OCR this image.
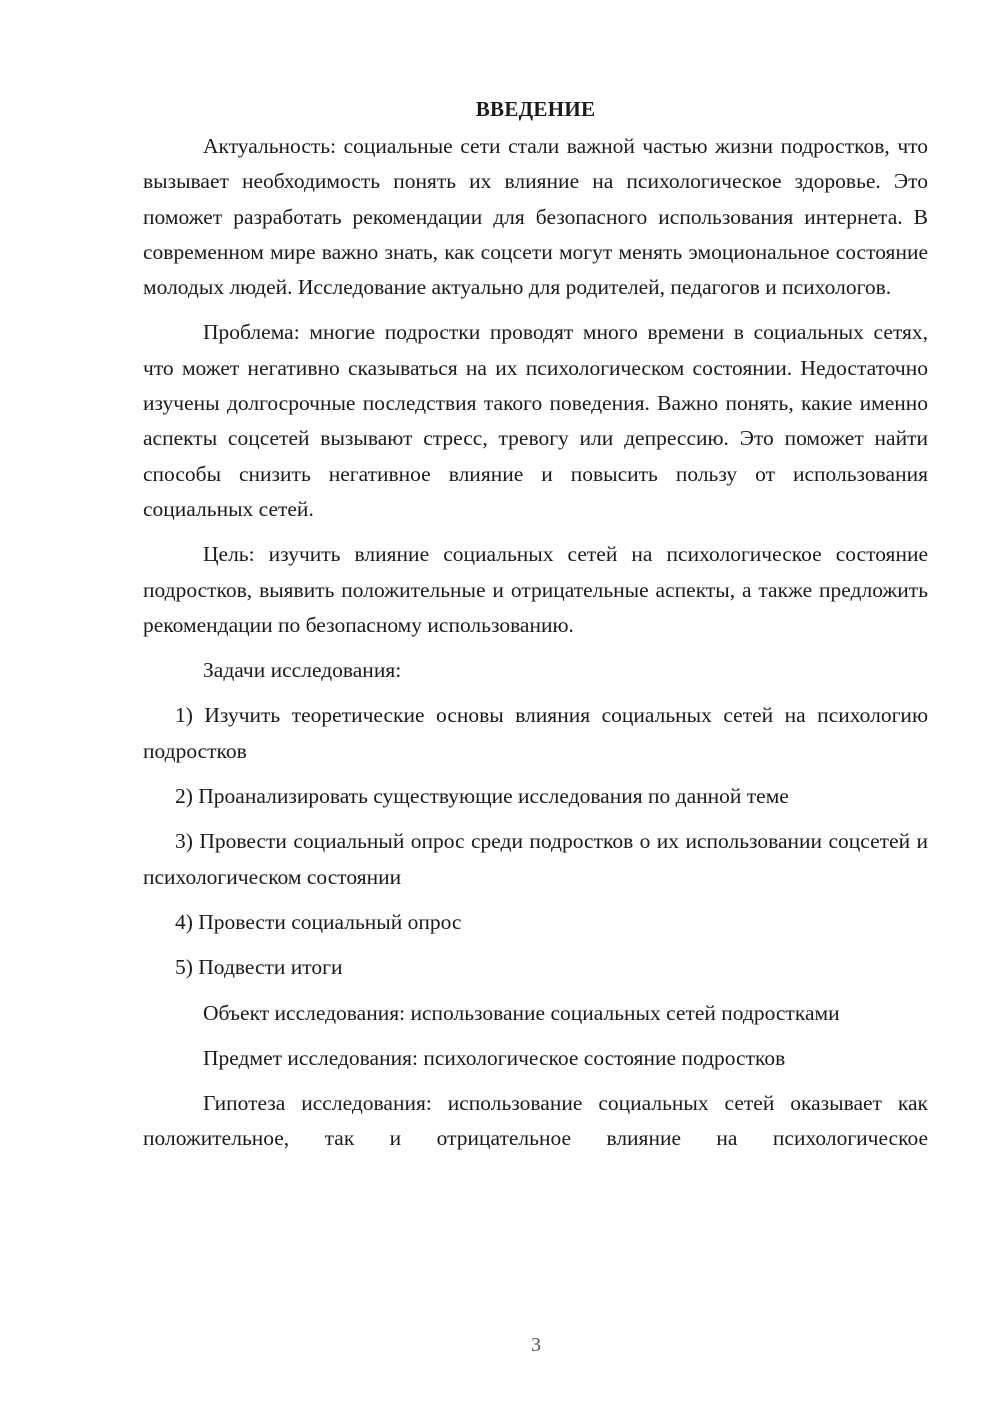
ВВЕДЕНИЕ

Актуальность: социальные сети стали важной частью жизни подростков, что вызывает необходимость понять их влияние на психологическое здоровье. Это поможет разработать рекомендации для безопасного использования интернета. В современном мире важно знать, как соцсети могут менять эмоциональное состояние молодых людей. Исследование актуально для родителей, педагогов и психологов.

Проблема: многие подростки проводят много времени в социальных сетях, что может негативно сказываться на их психологическом состоянии. Недостаточно изучены долгосрочные последствия такого поведения. Важно понять, какие именно аспекты соцсетей вызывают стресс, тревогу или депрессию. Это поможет найти способы снизить негативное влияние и повысить пользу от использования социальных сетей.

Цель: изучить влияние социальных сетей на психологическое состояние подростков, выявить положительные и отрицательные аспекты, а также предложить рекомендации по безопасному использованию.

Задачи исследования:

1) Изучить теоретические основы влияния социальных сетей на психологию подростков

2) Проанализировать существующие исследования по данной теме

3) Провести социальный опрос среди подростков о их использовании соцсетей и психологическом состоянии

4) Провести социальный опрос

5) Подвести итоги

Объект исследования: использование социальных сетей подростками

Предмет исследования: психологическое состояние подростков

Гипотеза исследования: использование социальных сетей оказывает как положительное, так и отрицательное влияние на психологическое

3
